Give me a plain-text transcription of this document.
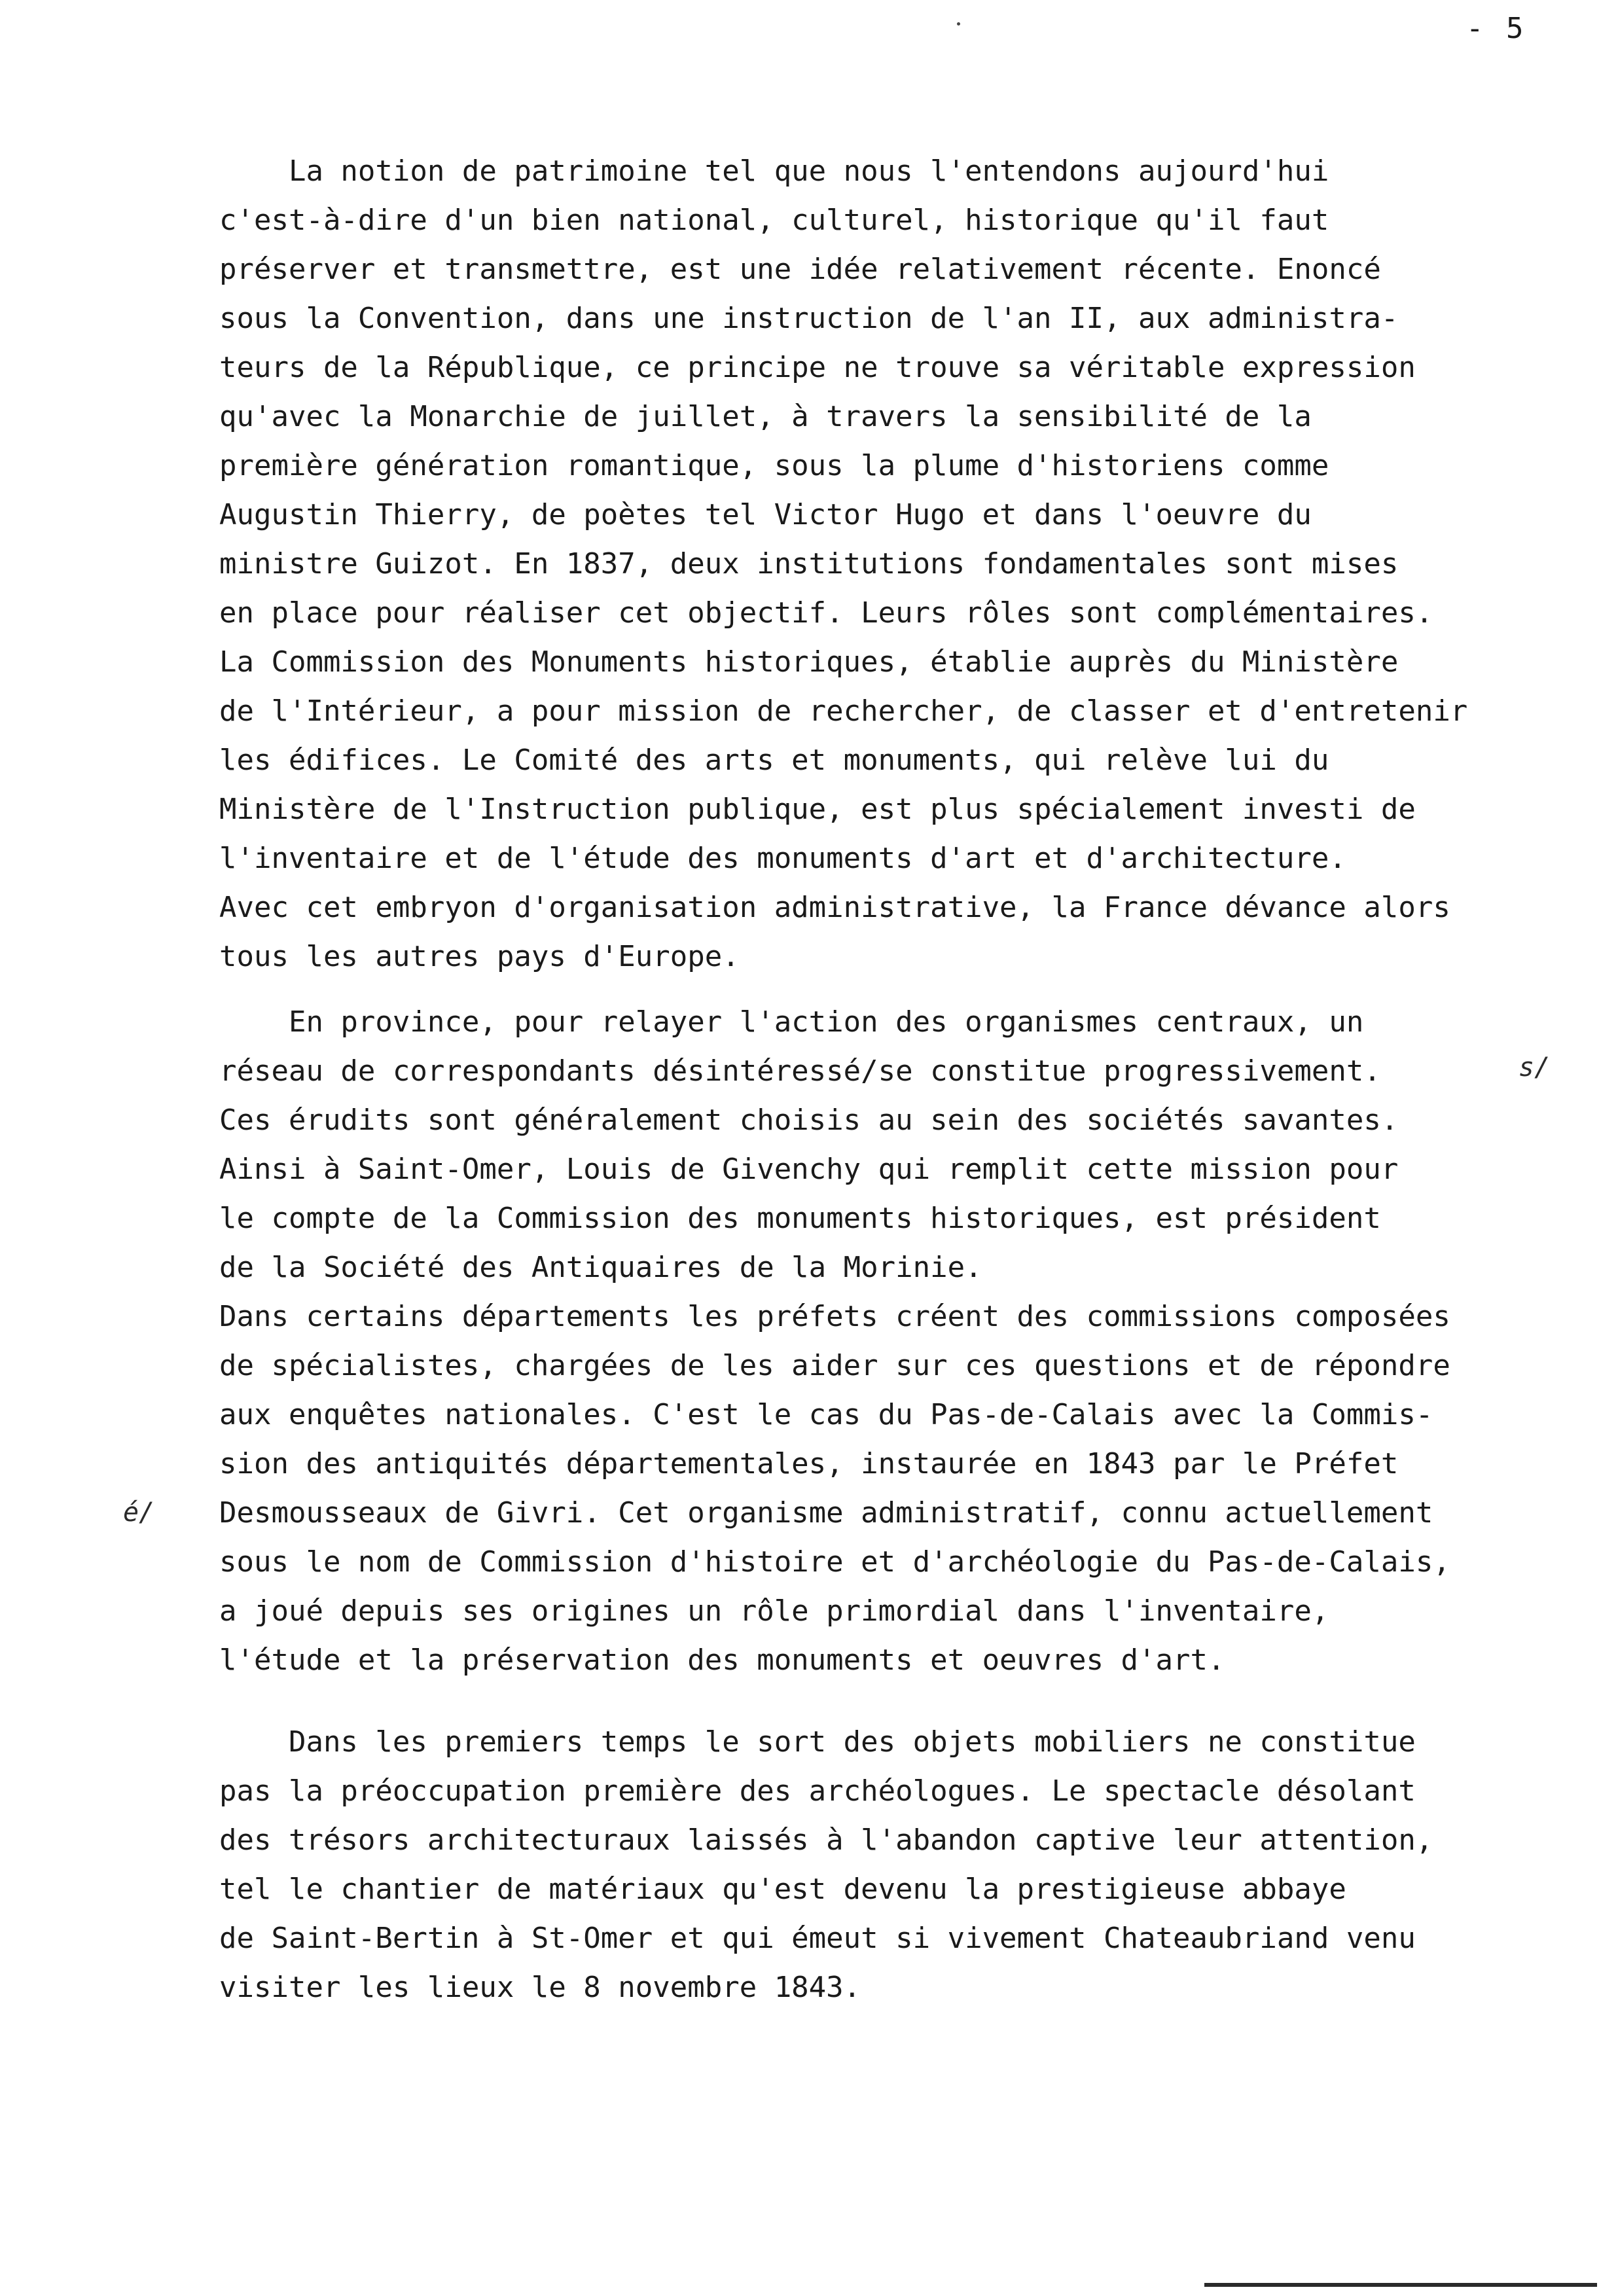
- 5
La notion de patrimoine tel que nous l'entendons aujourd'hui
c'est-à-dire d'un bien national, culturel, historique qu'il faut
préserver et transmettre, est une idée relativement récente. Enoncé
sous la Convention, dans une instruction de l'an II, aux administra-
teurs de la République, ce principe ne trouve sa véritable expression
qu'avec la Monarchie de juillet, à travers la sensibilité de la
première génération romantique, sous la plume d'historiens comme
Augustin Thierry, de poètes tel Victor Hugo et dans l'oeuvre du
ministre Guizot. En 1837, deux institutions fondamentales sont mises
en place pour réaliser cet objectif. Leurs rôles sont complémentaires.
La Commission des Monuments historiques, établie auprès du Ministère
de l'Intérieur, a pour mission de rechercher, de classer et d'entretenir
les édifices. Le Comité des arts et monuments, qui relève lui du
Ministère de l'Instruction publique, est plus spécialement investi de
l'inventaire et de l'étude des monuments d'art et d'architecture.
Avec cet embryon d'organisation administrative, la France dévance alors
tous les autres pays d'Europe.
En province, pour relayer l'action des organismes centraux, un
réseau de correspondants désintéressé/se constitue progressivement.
Ces érudits sont généralement choisis au sein des sociétés savantes.
Ainsi à Saint-Omer, Louis de Givenchy qui remplit cette mission pour
le compte de la Commission des monuments historiques, est président
de la Société des Antiquaires de la Morinie.
Dans certains départements les préfets créent des commissions composées
de spécialistes, chargées de les aider sur ces questions et de répondre
aux enquêtes nationales. C'est le cas du Pas-de-Calais avec la Commis-
sion des antiquités départementales, instaurée en 1843 par le Préfet
Desmousseaux de Givri. Cet organisme administratif, connu actuellement
sous le nom de Commission d'histoire et d'archéologie du Pas-de-Calais,
a joué depuis ses origines un rôle primordial dans l'inventaire,
l'étude et la préservation des monuments et oeuvres d'art.
Dans les premiers temps le sort des objets mobiliers ne constitue
pas la préoccupation première des archéologues. Le spectacle désolant
des trésors architecturaux laissés à l'abandon captive leur attention,
tel le chantier de matériaux qu'est devenu la prestigieuse abbaye
de Saint-Bertin à St-Omer et qui émeut si vivement Chateaubriand venu
visiter les lieux le 8 novembre 1843.
s/
é/
